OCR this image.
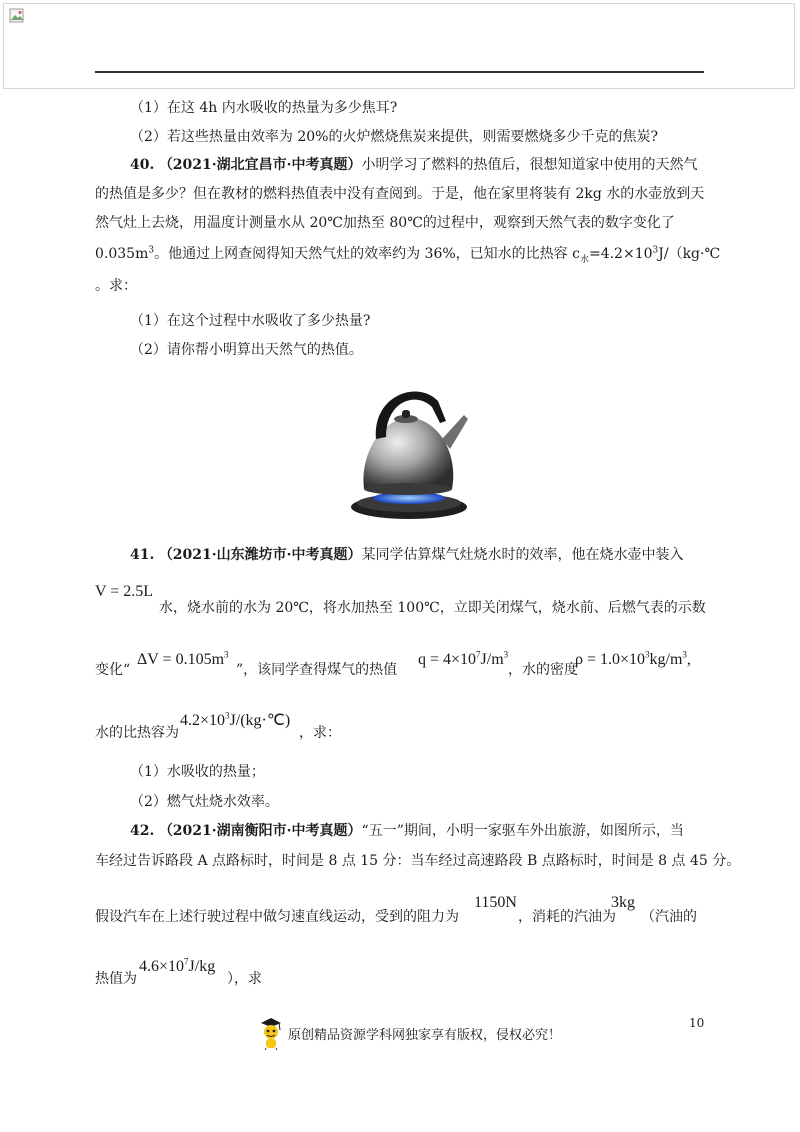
（1）在这 4h 内水吸收的热量为多少焦耳?
（2）若这些热量由效率为 20%的火炉燃烧焦炭来提供，则需要燃烧多少千克的焦炭?
40. （2021·湖北宜昌市·中考真题）小明学习了燃料的热值后，很想知道家中使用的天然气
的热值是多少？但在教材的燃料热值表中没有查阅到。于是，他在家里将装有 2kg 水的水壶放到天
然气灶上去烧，用温度计测量水从 20℃加热至 80℃的过程中，观察到天然气表的数字变化了
$0.035m^3$。他通过上网查阅得知天然气灶的效率约为 36%，已知水的比热容 $c_水=4.2\times 10^3J/(kg\cdot℃$
。求：
（1）在这个过程中水吸收了多少热量?
（2）请你帮小明算出天然气的热值。
41. （2021·山东潍坊市·中考真题）某同学估算煤气灶烧水时的效率，他在烧水壶中装入
V = 2.5L
水，烧水前的水为 20℃，将水加热至 100℃，立即关闭煤气，烧水前、后燃气表的示数
变化“
$\Delta V = 0.105m^3$
”，该同学查得煤气的热值
$q = 4\times 10^7J/m^3$
，水的密度
$\rho = 1.0\times 10^3kg/m^3$,
水的比热容为
$4.2\times 10^3J/(kg\cdot℃)$
，求：
（1）水吸收的热量；
（2）燃气灶烧水效率。
42. （2021·湖南衡阳市·中考真题）“五一”期间，小明一家驱车外出旅游，如图所示，当
车经过告诉路段 A 点路标时，时间是 8 点 15 分：当车经过高速路段 B 点路标时，时间是 8 点 45 分。
假设汽车在上述行驶过程中做匀速直线运动，受到的阻力为
1150N
，消耗的汽油为
3kg
（汽油的
热值为
$4.6\times 10^7J/kg$
），求
10
原创精品资源学科网独家享有版权，侵权必究！
